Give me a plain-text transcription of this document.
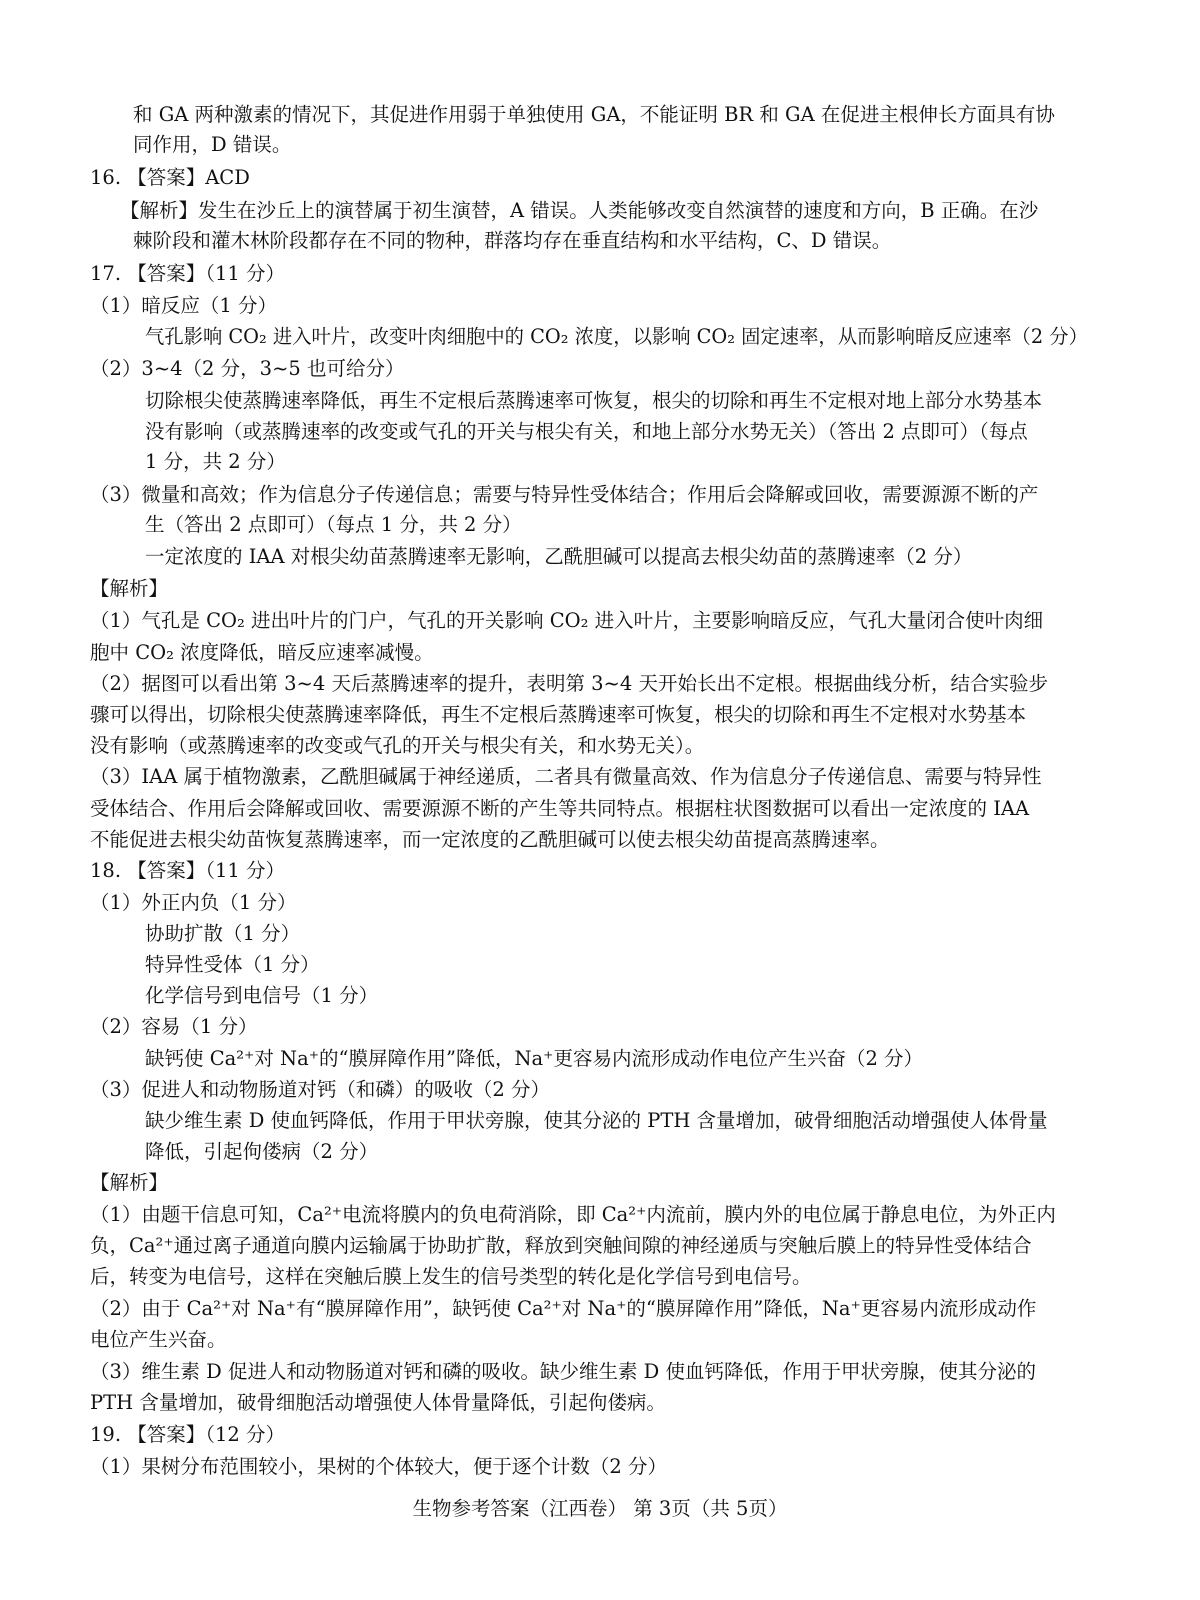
和 GA 两种激素的情况下，其促进作用弱于单独使用 GA，不能证明 BR 和 GA 在促进主根伸长方面具有协
同作用，D 错误。
16. 【答案】ACD
【解析】发生在沙丘上的演替属于初生演替，A 错误。人类能够改变自然演替的速度和方向，B 正确。在沙
棘阶段和灌木林阶段都存在不同的物种，群落均存在垂直结构和水平结构，C、D 错误。
17. 【答案】（11 分）
（1）暗反应（1 分）
气孔影响 CO₂ 进入叶片，改变叶肉细胞中的 CO₂ 浓度，以影响 CO₂ 固定速率，从而影响暗反应速率（2 分）
（2）3~4（2 分，3~5 也可给分）
切除根尖使蒸腾速率降低，再生不定根后蒸腾速率可恢复，根尖的切除和再生不定根对地上部分水势基本
没有影响（或蒸腾速率的改变或气孔的开关与根尖有关，和地上部分水势无关）（答出 2 点即可）（每点
1 分，共 2 分）
（3）微量和高效；作为信息分子传递信息；需要与特异性受体结合；作用后会降解或回收，需要源源不断的产
生（答出 2 点即可）（每点 1 分，共 2 分）
一定浓度的 IAA 对根尖幼苗蒸腾速率无影响，乙酰胆碱可以提高去根尖幼苗的蒸腾速率（2 分）
【解析】
（1）气孔是 CO₂ 进出叶片的门户，气孔的开关影响 CO₂ 进入叶片，主要影响暗反应，气孔大量闭合使叶肉细
胞中 CO₂ 浓度降低，暗反应速率减慢。
（2）据图可以看出第 3~4 天后蒸腾速率的提升，表明第 3~4 天开始长出不定根。根据曲线分析，结合实验步
骤可以得出，切除根尖使蒸腾速率降低，再生不定根后蒸腾速率可恢复，根尖的切除和再生不定根对水势基本
没有影响（或蒸腾速率的改变或气孔的开关与根尖有关，和水势无关）。
（3）IAA 属于植物激素，乙酰胆碱属于神经递质，二者具有微量高效、作为信息分子传递信息、需要与特异性
受体结合、作用后会降解或回收、需要源源不断的产生等共同特点。根据柱状图数据可以看出一定浓度的 IAA
不能促进去根尖幼苗恢复蒸腾速率，而一定浓度的乙酰胆碱可以使去根尖幼苗提高蒸腾速率。
18. 【答案】（11 分）
（1）外正内负（1 分）
协助扩散（1 分）
特异性受体（1 分）
化学信号到电信号（1 分）
（2）容易（1 分）
缺钙使 Ca²⁺对 Na⁺的“膜屏障作用”降低，Na⁺更容易内流形成动作电位产生兴奋（2 分）
（3）促进人和动物肠道对钙（和磷）的吸收（2 分）
缺少维生素 D 使血钙降低，作用于甲状旁腺，使其分泌的 PTH 含量增加，破骨细胞活动增强使人体骨量
降低，引起佝偻病（2 分）
【解析】
（1）由题干信息可知，Ca²⁺电流将膜内的负电荷消除，即 Ca²⁺内流前，膜内外的电位属于静息电位，为外正内
负，Ca²⁺通过离子通道向膜内运输属于协助扩散，释放到突触间隙的神经递质与突触后膜上的特异性受体结合
后，转变为电信号，这样在突触后膜上发生的信号类型的转化是化学信号到电信号。
（2）由于 Ca²⁺对 Na⁺有“膜屏障作用”，缺钙使 Ca²⁺对 Na⁺的“膜屏障作用”降低，Na⁺更容易内流形成动作
电位产生兴奋。
（3）维生素 D 促进人和动物肠道对钙和磷的吸收。缺少维生素 D 使血钙降低，作用于甲状旁腺，使其分泌的
PTH 含量增加，破骨细胞活动增强使人体骨量降低，引起佝偻病。
19. 【答案】（12 分）
（1）果树分布范围较小，果树的个体较大，便于逐个计数（2 分）
生物参考答案（江西卷） 第 3页（共 5页）
